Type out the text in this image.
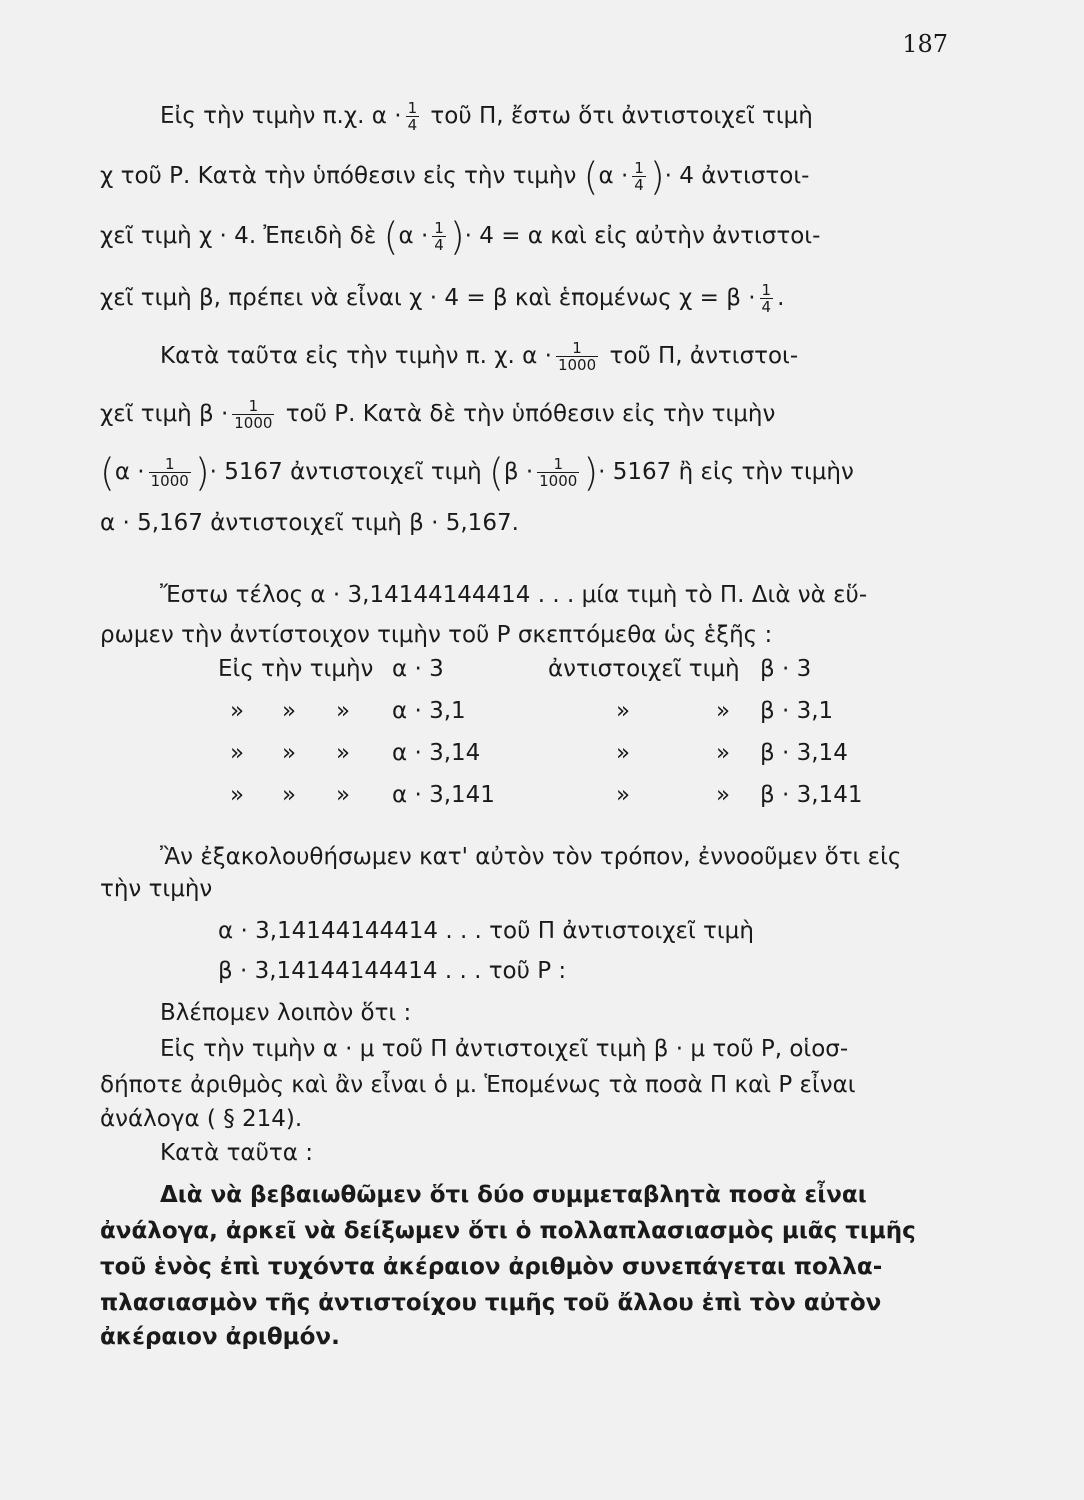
187
Εἰς τὴν τιμὴν π.χ. $\alpha \cdot \frac{1}{4}$ τοῦ Π, ἔστω ὅτι ἀντιστοιχεῖ τιμὴ
χ τοῦ Ρ. Κατὰ τὴν ὑπόθεσιν εἰς τὴν τιμὴν ($\alpha \cdot \frac{1}{4}$ )· 4 ἀντιστοι-
χεῖ τιμὴ χ · 4. Ἐπειδὴ δὲ ($\alpha \cdot \frac{1}{4}$ )· 4 = α καὶ εἰς αὐτὴν ἀντιστοι-
χεῖ τιμὴ β, πρέπει νὰ εἶναι χ · 4 = β καὶ ἑπομένως $\chi = \beta \cdot \frac{1}{4}$ .
Κατὰ ταῦτα εἰς τὴν τιμὴν π. χ. $\alpha \cdot \frac{1}{1000}$ τοῦ Π, ἀντιστοι-
χεῖ τιμὴ $\beta \cdot \frac{1}{1000}$ τοῦ Ρ. Κατὰ δὲ τὴν ὑπόθεσιν εἰς τὴν τιμὴν
($\alpha \cdot \frac{1}{1000}$ )· 5167 ἀντιστοιχεῖ τιμὴ ($\beta \cdot \frac{1}{1000}$ )· 5167 ἢ εἰς τὴν τιμὴν
α · 5,167 ἀντιστοιχεῖ τιμὴ β · 5,167.
Ἔστω τέλος α · 3,14144144414 . . . μία τιμὴ τὸ Π. Διὰ νὰ εὕ-
ρωμεν τὴν ἀντίστοιχον τιμὴν τοῦ Ρ σκεπτόμεθα ὡς ἑξῆς :
Εἰς τὴν τιμὴν α · 3	ἀντιστοιχεῖ τιμὴ β · 3
» » » α · 3,1	»	» β · 3,1
» » » α · 3,14	»	» β · 3,14
» » » α · 3,141	»	» β · 3,141
Ἂν ἐξακολουθήσωμεν κατ' αὐτὸν τὸν τρόπον, ἐννοοῦμεν ὅτι εἰς
τὴν τιμὴν
α · 3,14144144414 . . . τοῦ Π ἀντιστοιχεῖ τιμὴ
β · 3,14144144414 . . . τοῦ Ρ :
Βλέπομεν λοιπὸν ὅτι :
Εἰς τὴν τιμὴν α · μ τοῦ Π ἀντιστοιχεῖ τιμὴ β · μ τοῦ Ρ, οἱοσ-
δήποτε ἀριθμὸς καὶ ἂν εἶναι ὁ μ. Ἑπομένως τὰ ποσὰ Π καὶ Ρ εἶναι
ἀνάλογα ( § 214).
Κατὰ ταῦτα :
Διὰ νὰ βεβαιωθῶμεν ὅτι δύο συμμεταβλητὰ ποσὰ εἶναι
ἀνάλογα, ἀρκεῖ νὰ δείξωμεν ὅτι ὁ πολλαπλασιασμὸς μιᾶς τιμῆς
τοῦ ἑνὸς ἐπὶ τυχόντα ἀκέραιον ἀριθμὸν συνεπάγεται πολλα-
πλασιασμὸν τῆς ἀντιστοίχου τιμῆς τοῦ ἄλλου ἐπὶ τὸν αὐτὸν
ἀκέραιον ἀριθμόν.
